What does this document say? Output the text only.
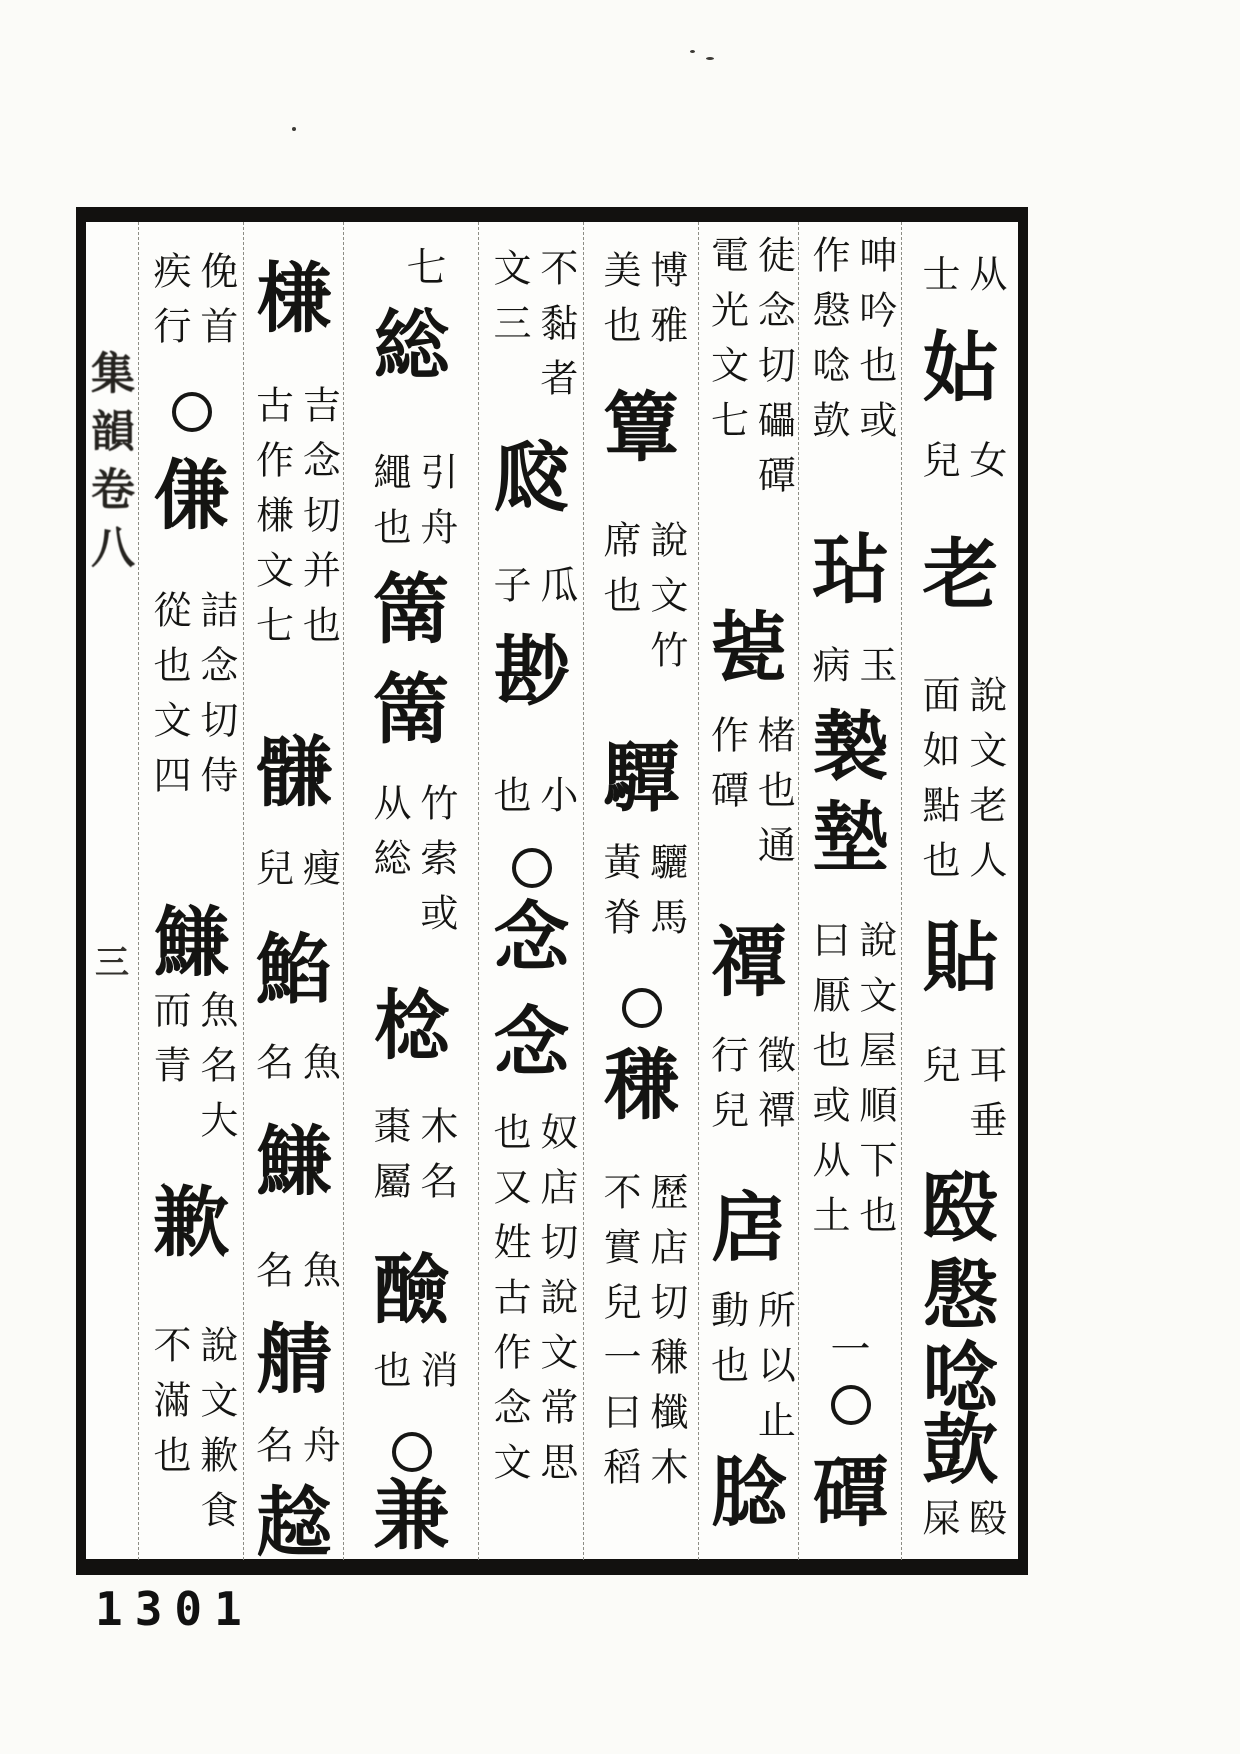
从
士
㚲
女
兒
老
說文老人
面如點也
貼
耳垂
兒
殹
慇
唸
㰻
殹
屎
呻吟也或
作慇唸㰻
玷
玉
病
褺
墊
說文屋順下也
曰厭也或从土
一
磹
徒念切礧磹
電光文七
㼭
楮也通
作磹
禫
徵禫
行兒
扂
所以止
動也
腍
博雅
美也
簟
說文竹
席也
驔
驪馬
黃脊
稴
歷店切稴櫼木
不實兒一曰稻
不黏者
文三
㼎
瓜
子
尠
小
也
念
念
奴店切說文常思
也又姓古作念文
七
総
引舟
繩也
䈒
䈒
竹索或
从総
棯
木名
棗屬
醶
消
也
兼
槏
吉念切并也
古作槏文七
䯡
瘦
兒
䱤
魚
名
鰜
魚
名
䑶
舟
名
趝
俛首
疾行
傔
詰念切侍
從也文四
鰜
魚名大
而青
歉
說文歉食
不滿也
集韻卷八
三
1301
